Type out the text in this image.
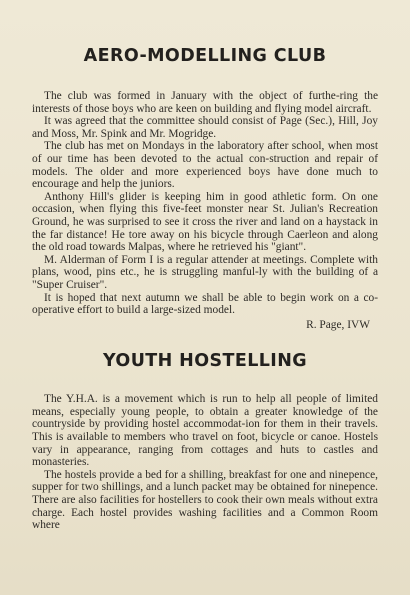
AERO-MODELLING CLUB

The club was formed in January with the object of furthe-ring the interests of those boys who are keen on building and flying model aircraft.

It was agreed that the committee should consist of Page (Sec.), Hill, Joy and Moss, Mr. Spink and Mr. Mogridge.

The club has met on Mondays in the laboratory after school, when most of our time has been devoted to the actual con-struction and repair of models. The older and more experienced boys have done much to encourage and help the juniors.

Anthony Hill's glider is keeping him in good athletic form. On one occasion, when flying this five-feet monster near St. Julian's Recreation Ground, he was surprised to see it cross the river and land on a haystack in the far distance! He tore away on his bicycle through Caerleon and along the old road towards Malpas, where he retrieved his "giant".

M. Alderman of Form I is a regular attender at meetings. Complete with plans, wood, pins etc., he is struggling manful-ly with the building of a "Super Cruiser".

It is hoped that next autumn we shall be able to begin work on a co-operative effort to build a large-sized model.

R. Page, IVW

YOUTH HOSTELLING

The Y.H.A. is a movement which is run to help all people of limited means, especially young people, to obtain a greater knowledge of the countryside by providing hostel accommodat-ion for them in their travels. This is available to members who travel on foot, bicycle or canoe. Hostels vary in appearance, ranging from cottages and huts to castles and monasteries.

The hostels provide a bed for a shilling, breakfast for one and ninepence, supper for two shillings, and a lunch packet may be obtained for ninepence. There are also facilities for hostellers to cook their own meals without extra charge. Each hostel provides washing facilities and a Common Room where
